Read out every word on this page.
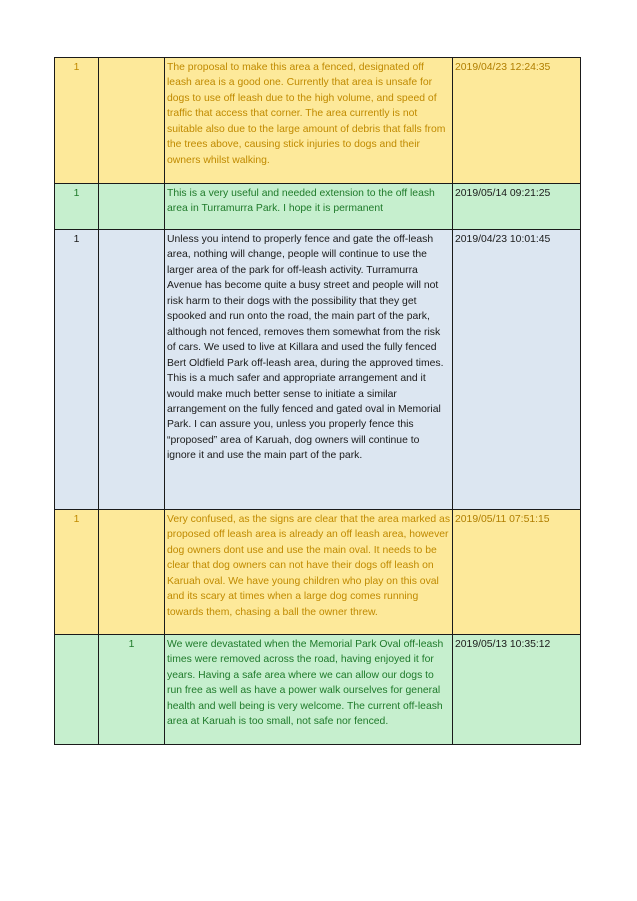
1		The proposal to make this area a fenced, designated off leash area is a good one. Currently that area is unsafe for dogs to use off leash due to the high volume, and speed of traffic that access that corner. The area currently is not suitable also due to the large amount of debris that falls from the trees above, causing stick injuries to dogs and their owners whilst walking.	2019/04/23 12:24:35
1		This is a very useful and needed extension to the off leash area in Turramurra Park. I hope it is permanent	2019/05/14 09:21:25
1		Unless you intend to properly fence and gate the off-leash area, nothing will change, people will continue to use the larger area of the park for off-leash activity. Turramurra Avenue has become quite a busy street and people will not risk harm to their dogs with the possibility that they get spooked and run onto the road, the main part of the park, although not fenced, removes them somewhat from the risk of cars. We used to live at Killara and used the fully fenced Bert Oldfield Park off-leash area, during the approved times. This is a much safer and appropriate arrangement and it would make much better sense to initiate a similar arrangement on the fully fenced and gated oval in Memorial Park. I can assure you, unless you properly fence this “proposed” area of Karuah, dog owners will continue to ignore it and use the main part of the park.	2019/04/23 10:01:45
1		Very confused, as the signs are clear that the area marked as proposed off leash area is already an off leash area, however dog owners dont use and use the main oval. It needs to be clear that dog owners can not have their dogs off leash on Karuah oval. We have young children who play on this oval and its scary at times when a large dog comes running towards them, chasing a ball the owner threw.	2019/05/11 07:51:15
	1	We were devastated when the Memorial Park Oval off-leash times were removed across the road, having enjoyed it for years. Having a safe area where we can allow our dogs to run free as well as have a power walk ourselves for general health and well being is very welcome. The current off-leash area at Karuah is too small, not safe nor fenced.	2019/05/13 10:35:12
